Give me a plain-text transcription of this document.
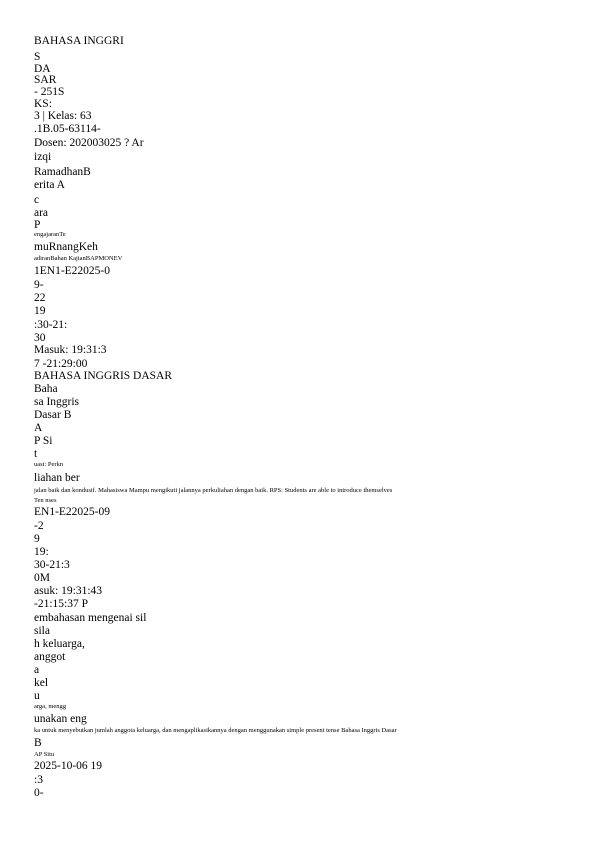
BAHASA INGGRI
S
DA
SAR
- 251S
KS:
3 | Kelas: 63
.1B.05-63114-
Dosen: 202003025 ? Ar
izqi
RamadhanB
erita A
c
ara
P
engajaranTe
muRnangKeh
adiranBahan KajianBAPMONEV
1EN1-E22025-0
9-
22
19
:30-21:
30
Masuk: 19:31:3
7 -21:29:00
BAHASA INGGRIS DASAR
Baha
sa Inggris
Dasar B
A
P Si
t
uasi: Perkn
liahan ber
jalan baik dan kondusif. Mahasiswa Mampu mengikuti jalannya perkuliahan dengan baik. RPS: Students are able to introduce themselves
Ten nses
EN1-E22025-09
-2
9
19:
30-21:3
0M
asuk: 19:31:43
-21:15:37 P
embahasan mengenai sil
sila
h keluarga,
anggot
a
kel
u
arga, mengg
unakan eng
ka untuk menyebutkan jumlah anggota keluarga, dan mengaplikasikannya dengan menggunakan simple present tense Bahasa Inggris Dasar
B
AP Situ
2025-10-06 19
:3
0-
